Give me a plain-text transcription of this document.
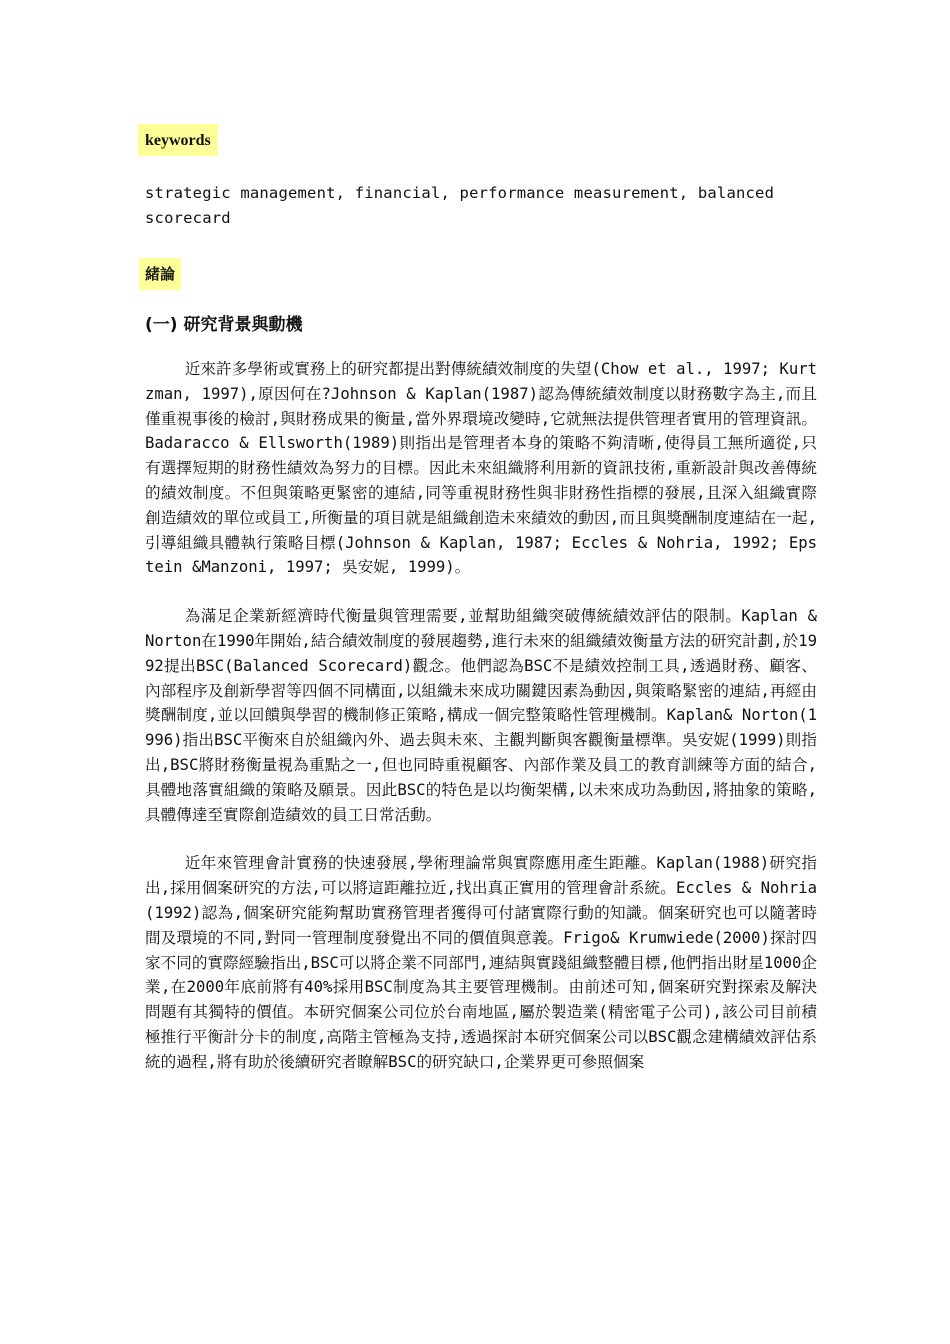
keywords

strategic management, financial, performance measurement, balanced scorecard

緒論
(一) 研究背景與動機

近來許多學術或實務上的研究都提出對傳統績效制度的失望(Chow et al., 1997; Kurtzman, 1997),原因何在?Johnson & Kaplan(1987)認為傳統績效制度以財務數字為主,而且僅重視事後的檢討,與財務成果的衡量,當外界環境改變時,它就無法提供管理者實用的管理資訊。Badaracco & Ellsworth(1989)則指出是管理者本身的策略不夠清晰,使得員工無所適從,只有選擇短期的財務性績效為努力的目標。因此未來組織將利用新的資訊技術,重新設計與改善傳統的績效制度。不但與策略更緊密的連結,同等重視財務性與非財務性指標的發展,且深入組織實際創造績效的單位或員工,所衡量的項目就是組織創造未來績效的動因,而且與獎酬制度連結在一起,引導組織具體執行策略目標(Johnson & Kaplan, 1987; Eccles & Nohria, 1992; Epstein &Manzoni, 1997; 吳安妮, 1999)。

為滿足企業新經濟時代衡量與管理需要,並幫助組織突破傳統績效評估的限制。Kaplan & Norton在1990年開始,結合績效制度的發展趨勢,進行未來的組織績效衡量方法的研究計劃,於1992提出BSC(Balanced Scorecard)觀念。他們認為BSC不是績效控制工具,透過財務、顧客、內部程序及創新學習等四個不同構面,以組織未來成功關鍵因素為動因,與策略緊密的連結,再經由獎酬制度,並以回饋與學習的機制修正策略,構成一個完整策略性管理機制。Kaplan& Norton(1996)指出BSC平衡來自於組織內外、過去與未來、主觀判斷與客觀衡量標準。吳安妮(1999)則指出,BSC將財務衡量視為重點之一,但也同時重視顧客、內部作業及員工的教育訓練等方面的結合,具體地落實組織的策略及願景。因此BSC的特色是以均衡架構,以未來成功為動因,將抽象的策略,具體傳達至實際創造績效的員工日常活動。

近年來管理會計實務的快速發展,學術理論常與實際應用產生距離。Kaplan(1988)研究指出,採用個案研究的方法,可以將這距離拉近,找出真正實用的管理會計系統。Eccles & Nohria(1992)認為,個案研究能夠幫助實務管理者獲得可付諸實際行動的知識。個案研究也可以隨著時間及環境的不同,對同一管理制度發覺出不同的價值與意義。Frigo& Krumwiede(2000)探討四家不同的實際經驗指出,BSC可以將企業不同部門,連結與實踐組織整體目標,他們指出財星1000企業,在2000年底前將有40%採用BSC制度為其主要管理機制。由前述可知,個案研究對探索及解決問題有其獨特的價值。本研究個案公司位於台南地區,屬於製造業(精密電子公司),該公司目前積極推行平衡計分卡的制度,高階主管極為支持,透過探討本研究個案公司以BSC觀念建構績效評估系統的過程,將有助於後續研究者瞭解BSC的研究缺口,企業界更可參照個案
